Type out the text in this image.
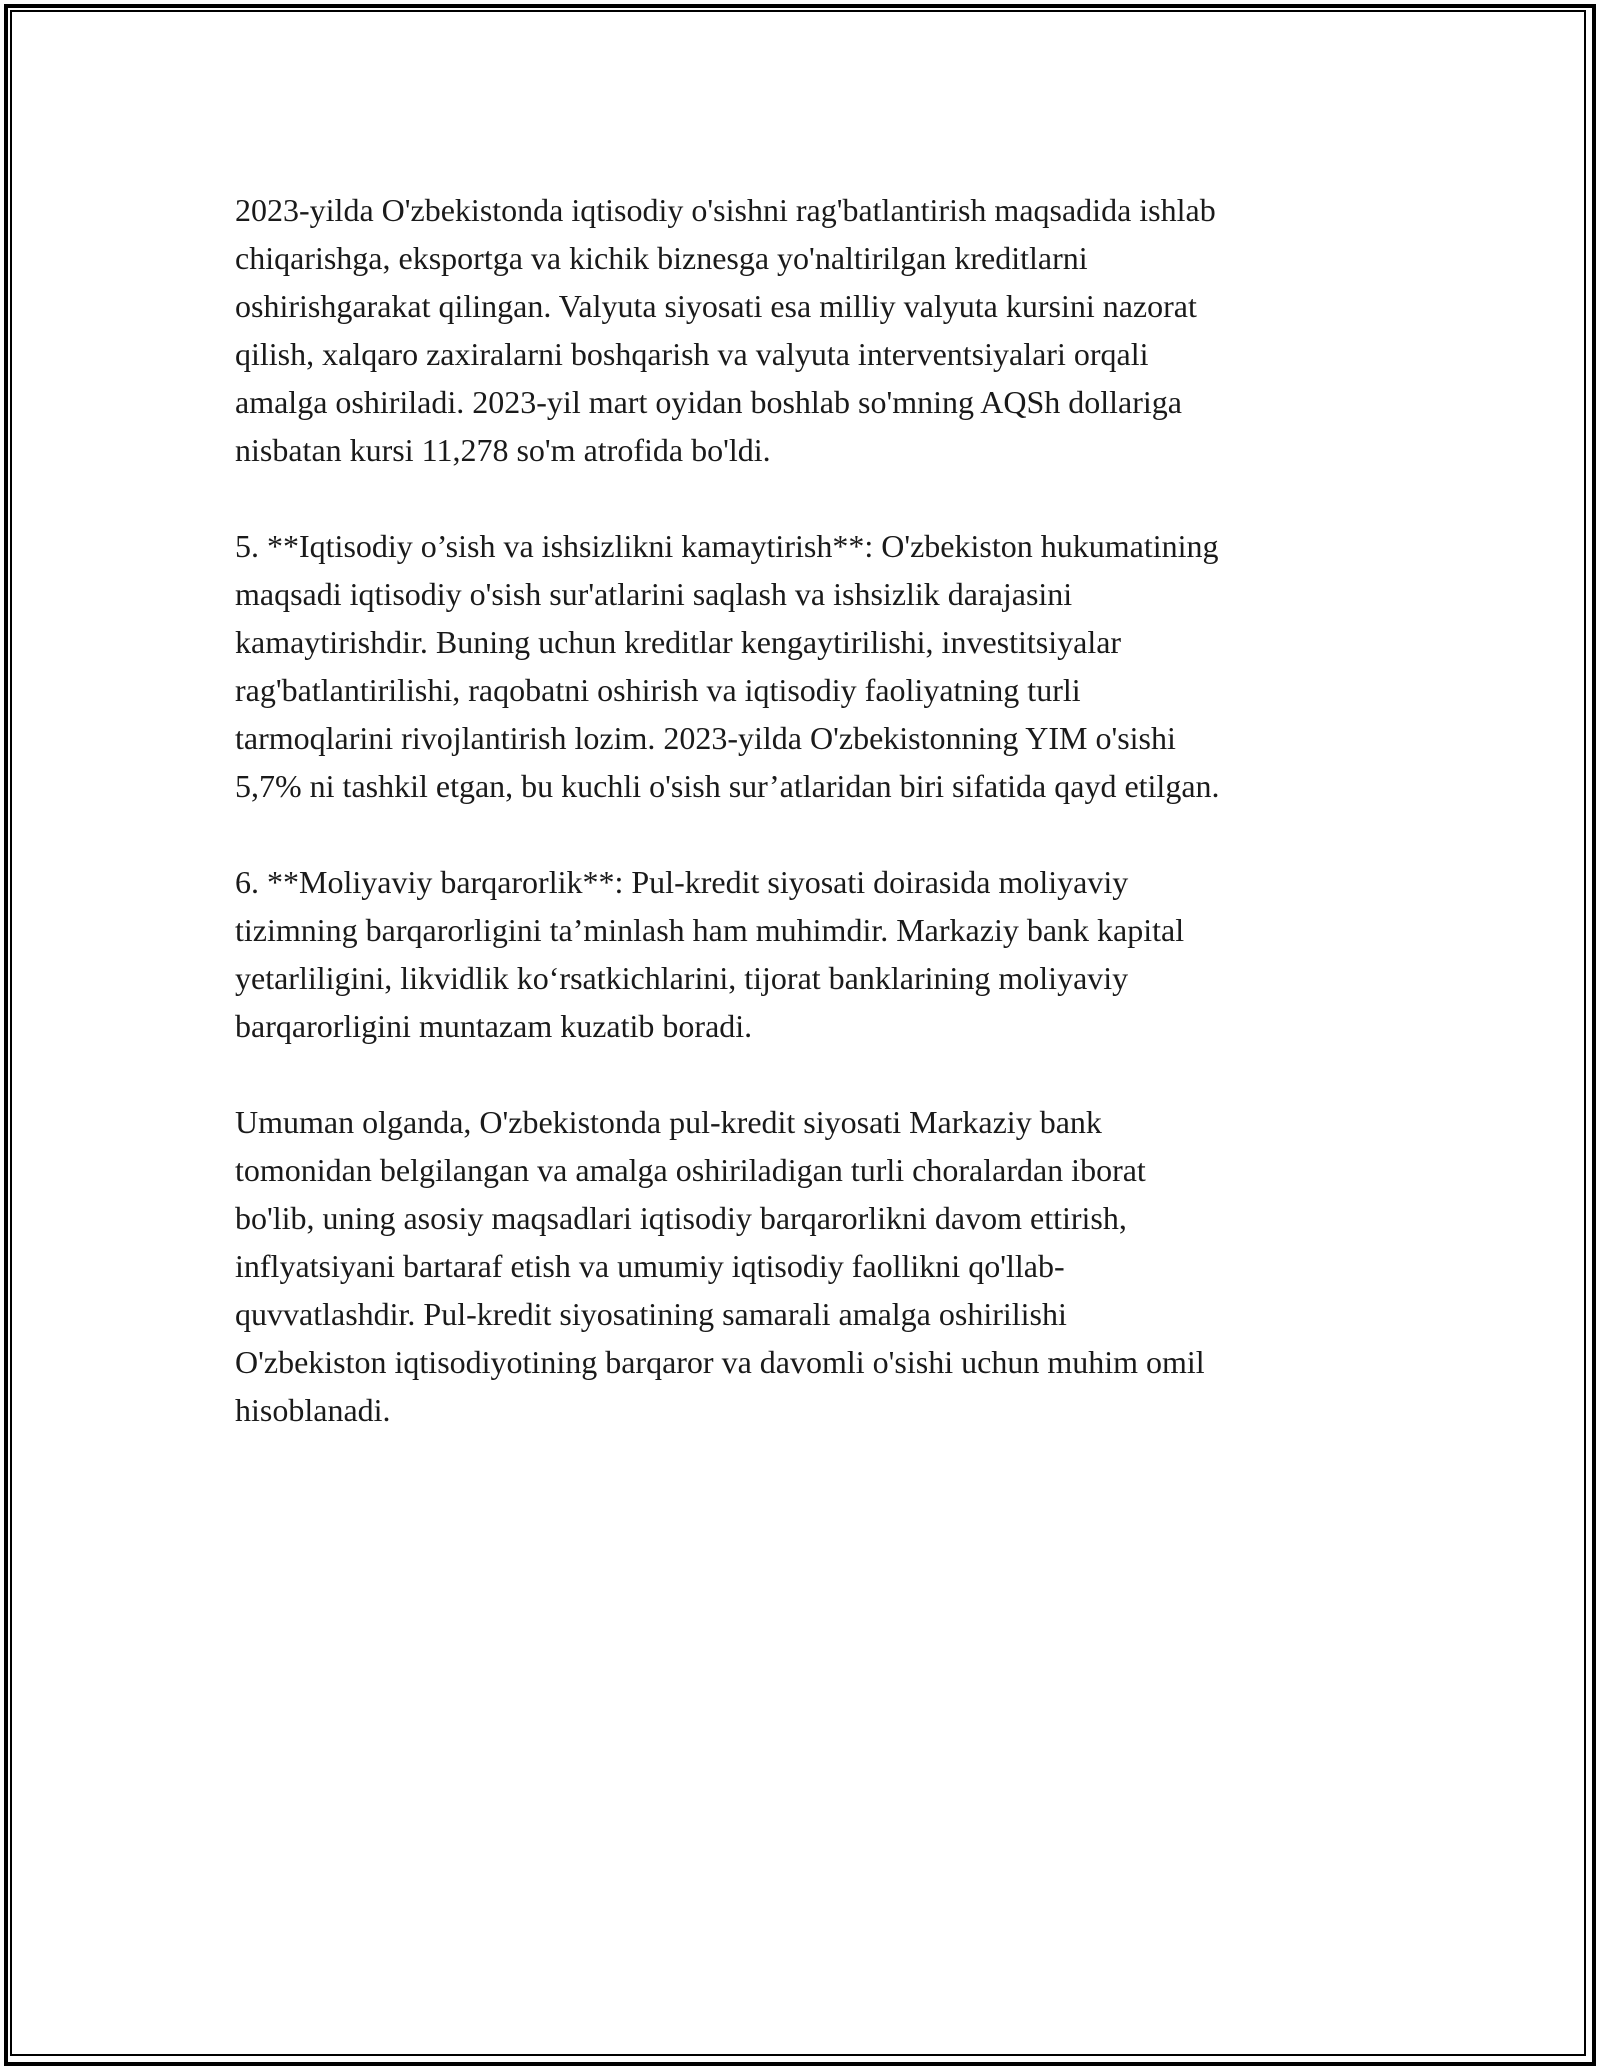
2023-yilda O'zbekistonda iqtisodiy o'sishni rag'batlantirish maqsadida ishlab
chiqarishga, eksportga va kichik biznesga yo'naltirilgan kreditlarni
oshirishgarakat qilingan. Valyuta siyosati esa milliy valyuta kursini nazorat
qilish, xalqaro zaxiralarni boshqarish va valyuta interventsiyalari orqali
amalga oshiriladi. 2023-yil mart oyidan boshlab so'mning AQSh dollariga
nisbatan kursi 11,278 so'm atrofida bo'ldi.

5. **Iqtisodiy o’sish va ishsizlikni kamaytirish**: O'zbekiston hukumatining
maqsadi iqtisodiy o'sish sur'atlarini saqlash va ishsizlik darajasini
kamaytirishdir. Buning uchun kreditlar kengaytirilishi, investitsiyalar
rag'batlantirilishi, raqobatni oshirish va iqtisodiy faoliyatning turli
tarmoqlarini rivojlantirish lozim. 2023-yilda O'zbekistonning YIM o'sishi
5,7% ni tashkil etgan, bu kuchli o'sish sur’atlaridan biri sifatida qayd etilgan.

6. **Moliyaviy barqarorlik**: Pul-kredit siyosati doirasida moliyaviy
tizimning barqarorligini ta’minlash ham muhimdir. Markaziy bank kapital
yetarliligini, likvidlik ko‘rsatkichlarini, tijorat banklarining moliyaviy
barqarorligini muntazam kuzatib boradi.

Umuman olganda, O'zbekistonda pul-kredit siyosati Markaziy bank
tomonidan belgilangan va amalga oshiriladigan turli choralardan iborat
bo'lib, uning asosiy maqsadlari iqtisodiy barqarorlikni davom ettirish,
inflyatsiyani bartaraf etish va umumiy iqtisodiy faollikni qo'llab-
quvvatlashdir. Pul-kredit siyosatining samarali amalga oshirilishi
O'zbekiston iqtisodiyotining barqaror va davomli o'sishi uchun muhim omil
hisoblanadi.
